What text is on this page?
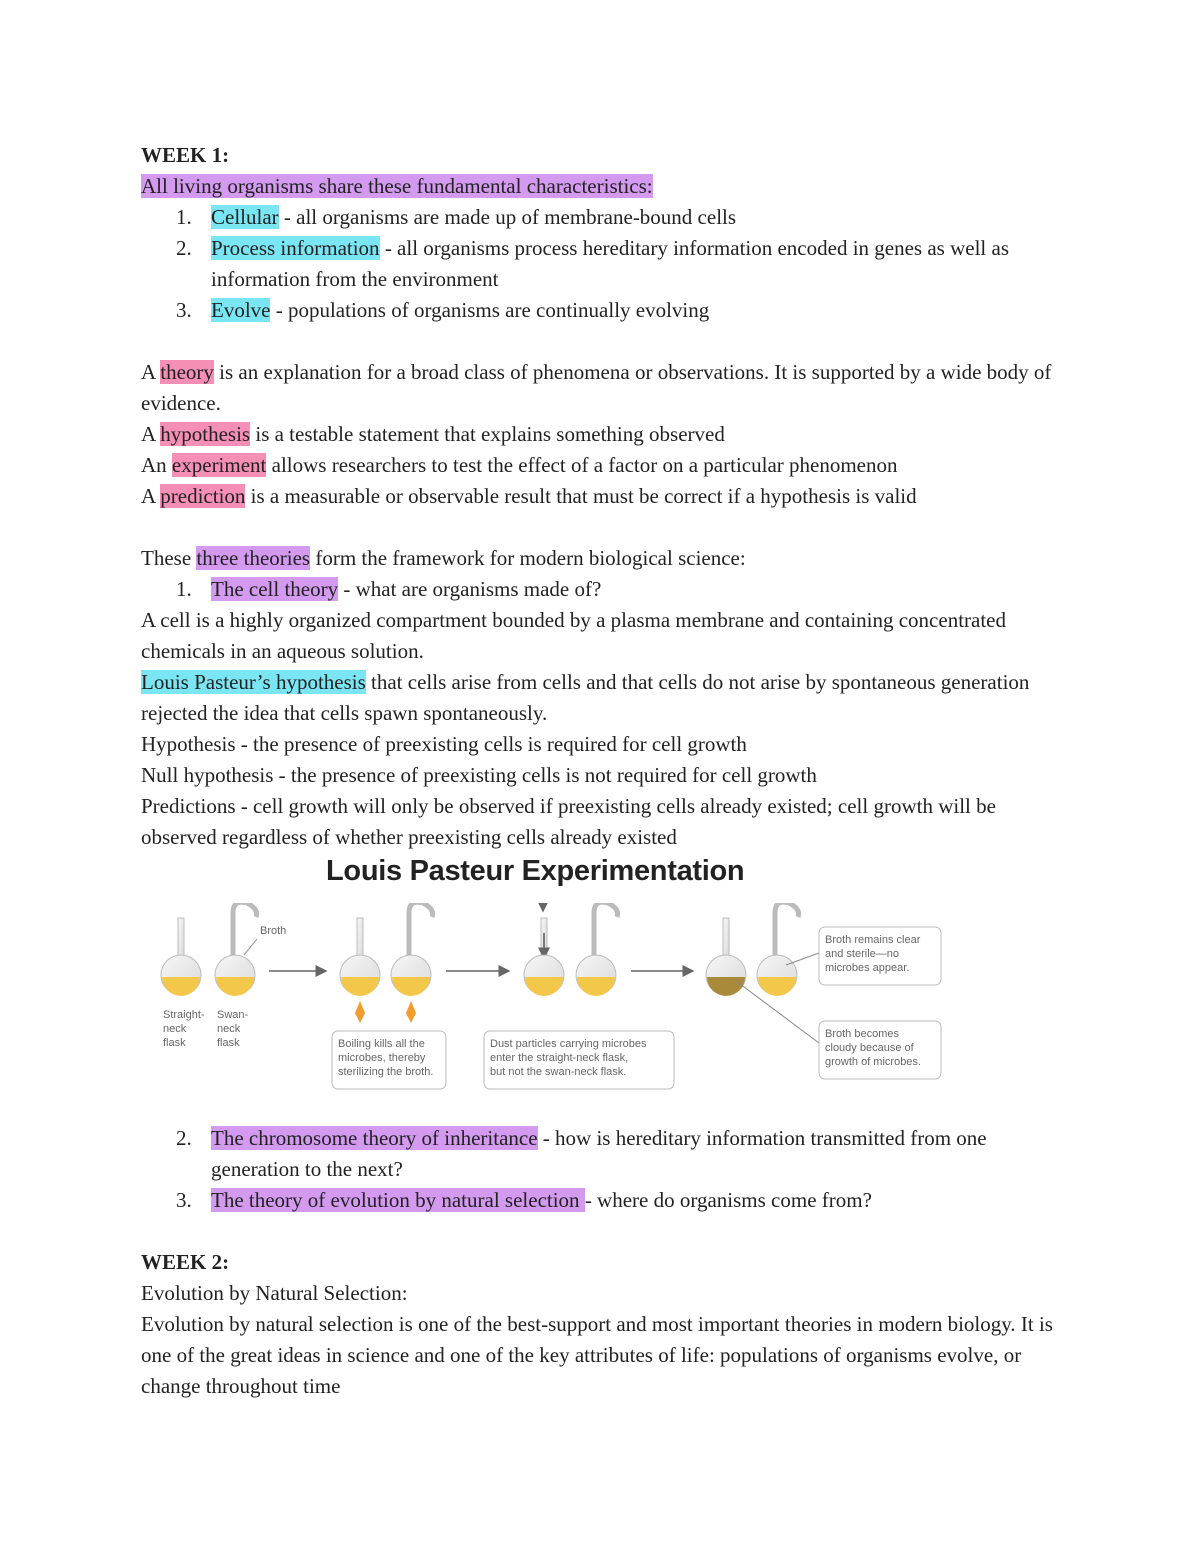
WEEK 1:
All living organisms share these fundamental characteristics:
1. Cellular - all organisms are made up of membrane-bound cells
2. Process information - all organisms process hereditary information encoded in genes as well as information from the environment
3. Evolve - populations of organisms are continually evolving
A theory is an explanation for a broad class of phenomena or observations. It is supported by a wide body of evidence.
A hypothesis is a testable statement that explains something observed
An experiment allows researchers to test the effect of a factor on a particular phenomenon
A prediction is a measurable or observable result that must be correct if a hypothesis is valid
These three theories form the framework for modern biological science:
1. The cell theory - what are organisms made of?
A cell is a highly organized compartment bounded by a plasma membrane and containing concentrated chemicals in an aqueous solution.
Louis Pasteur’s hypothesis that cells arise from cells and that cells do not arise by spontaneous generation rejected the idea that cells spawn spontaneously.
Hypothesis - the presence of preexisting cells is required for cell growth
Null hypothesis - the presence of preexisting cells is not required for cell growth
Predictions - cell growth will only be observed if preexisting cells already existed; cell growth will be observed regardless of whether preexisting cells already existed
Louis Pasteur Experimentation
Broth
Straight-
neck
flask
Swan-
neck
flask	Boiling kills all the
microbes, thereby
sterilizing the broth.
Dust particles carrying microbes
enter the straight-neck flask,
but not the swan-neck flask.
Broth remains clear
and sterile—no
microbes appear.
Broth becomes
cloudy because of
growth of microbes.
2. The chromosome theory of inheritance - how is hereditary information transmitted from one generation to the next?
3. The theory of evolution by natural selection - where do organisms come from?
WEEK 2:
Evolution by Natural Selection:
Evolution by natural selection is one of the best-support and most important theories in modern biology. It is one of the great ideas in science and one of the key attributes of life: populations of organisms evolve, or change throughout time
